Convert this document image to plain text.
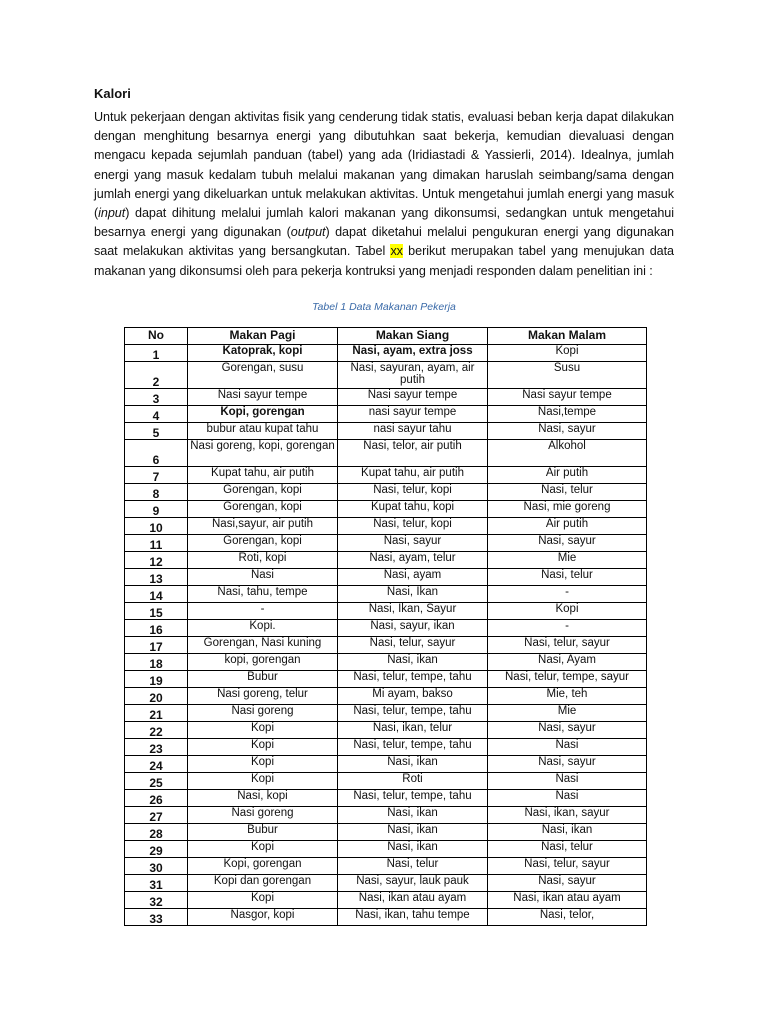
Kalori
Untuk pekerjaan dengan aktivitas fisik yang cenderung tidak statis, evaluasi beban kerja dapat dilakukan dengan menghitung besarnya energi yang dibutuhkan saat bekerja, kemudian dievaluasi dengan mengacu kepada sejumlah panduan (tabel) yang ada (Iridiastadi & Yassierli, 2014). Idealnya, jumlah energi yang masuk kedalam tubuh melalui makanan yang dimakan haruslah seimbang/sama dengan jumlah energi yang dikeluarkan untuk melakukan aktivitas. Untuk mengetahui jumlah energi yang masuk (input) dapat dihitung melalui jumlah kalori makanan yang dikonsumsi, sedangkan untuk mengetahui besarnya energi yang digunakan (output) dapat diketahui melalui pengukuran energi yang digunakan saat melakukan aktivitas yang bersangkutan. Tabel xx berikut merupakan tabel yang menujukan data makanan yang dikonsumsi oleh para pekerja kontruksi yang menjadi responden dalam penelitian ini :
Tabel 1 Data Makanan Pekerja
No	Makan Pagi	Makan Siang	Makan Malam
1	Katoprak, kopi	Nasi, ayam, extra joss	Kopi
2	Gorengan, susu	Nasi, sayuran, ayam, air putih	Susu
3	Nasi sayur tempe	Nasi sayur tempe	Nasi sayur tempe
4	Kopi, gorengan	nasi sayur tempe	Nasi,tempe
5	bubur atau kupat tahu	nasi sayur tahu	Nasi, sayur
6	Nasi goreng, kopi, gorengan	Nasi, telor, air putih	Alkohol
7	Kupat tahu, air putih	Kupat tahu, air putih	Air putih
8	Gorengan, kopi	Nasi, telur, kopi	Nasi, telur
9	Gorengan, kopi	Kupat tahu, kopi	Nasi, mie goreng
10	Nasi,sayur, air putih	Nasi, telur, kopi	Air putih
11	Gorengan, kopi	Nasi, sayur	Nasi, sayur
12	Roti, kopi	Nasi, ayam, telur	Mie
13	Nasi	Nasi, ayam	Nasi, telur
14	Nasi, tahu, tempe	Nasi, Ikan	-
15	-	Nasi, Ikan, Sayur	Kopi
16	Kopi.	Nasi, sayur, ikan	-
17	Gorengan, Nasi kuning	Nasi, telur, sayur	Nasi, telur, sayur
18	kopi, gorengan	Nasi, ikan	Nasi, Ayam
19	Bubur	Nasi, telur, tempe, tahu	Nasi, telur, tempe, sayur
20	Nasi goreng, telur	Mi ayam, bakso	Mie, teh
21	Nasi goreng	Nasi, telur, tempe, tahu	Mie
22	Kopi	Nasi, ikan, telur	Nasi, sayur
23	Kopi	Nasi, telur, tempe, tahu	Nasi
24	Kopi	Nasi, ikan	Nasi, sayur
25	Kopi	Roti	Nasi
26	Nasi, kopi	Nasi, telur, tempe, tahu	Nasi
27	Nasi goreng	Nasi, ikan	Nasi, ikan, sayur
28	Bubur	Nasi, ikan	Nasi, ikan
29	Kopi	Nasi, ikan	Nasi, telur
30	Kopi, gorengan	Nasi, telur	Nasi, telur, sayur
31	Kopi dan gorengan	Nasi, sayur, lauk pauk	Nasi, sayur
32	Kopi	Nasi, ikan atau ayam	Nasi, ikan atau ayam
33	Nasgor, kopi	Nasi, ikan, tahu tempe	Nasi, telor,
